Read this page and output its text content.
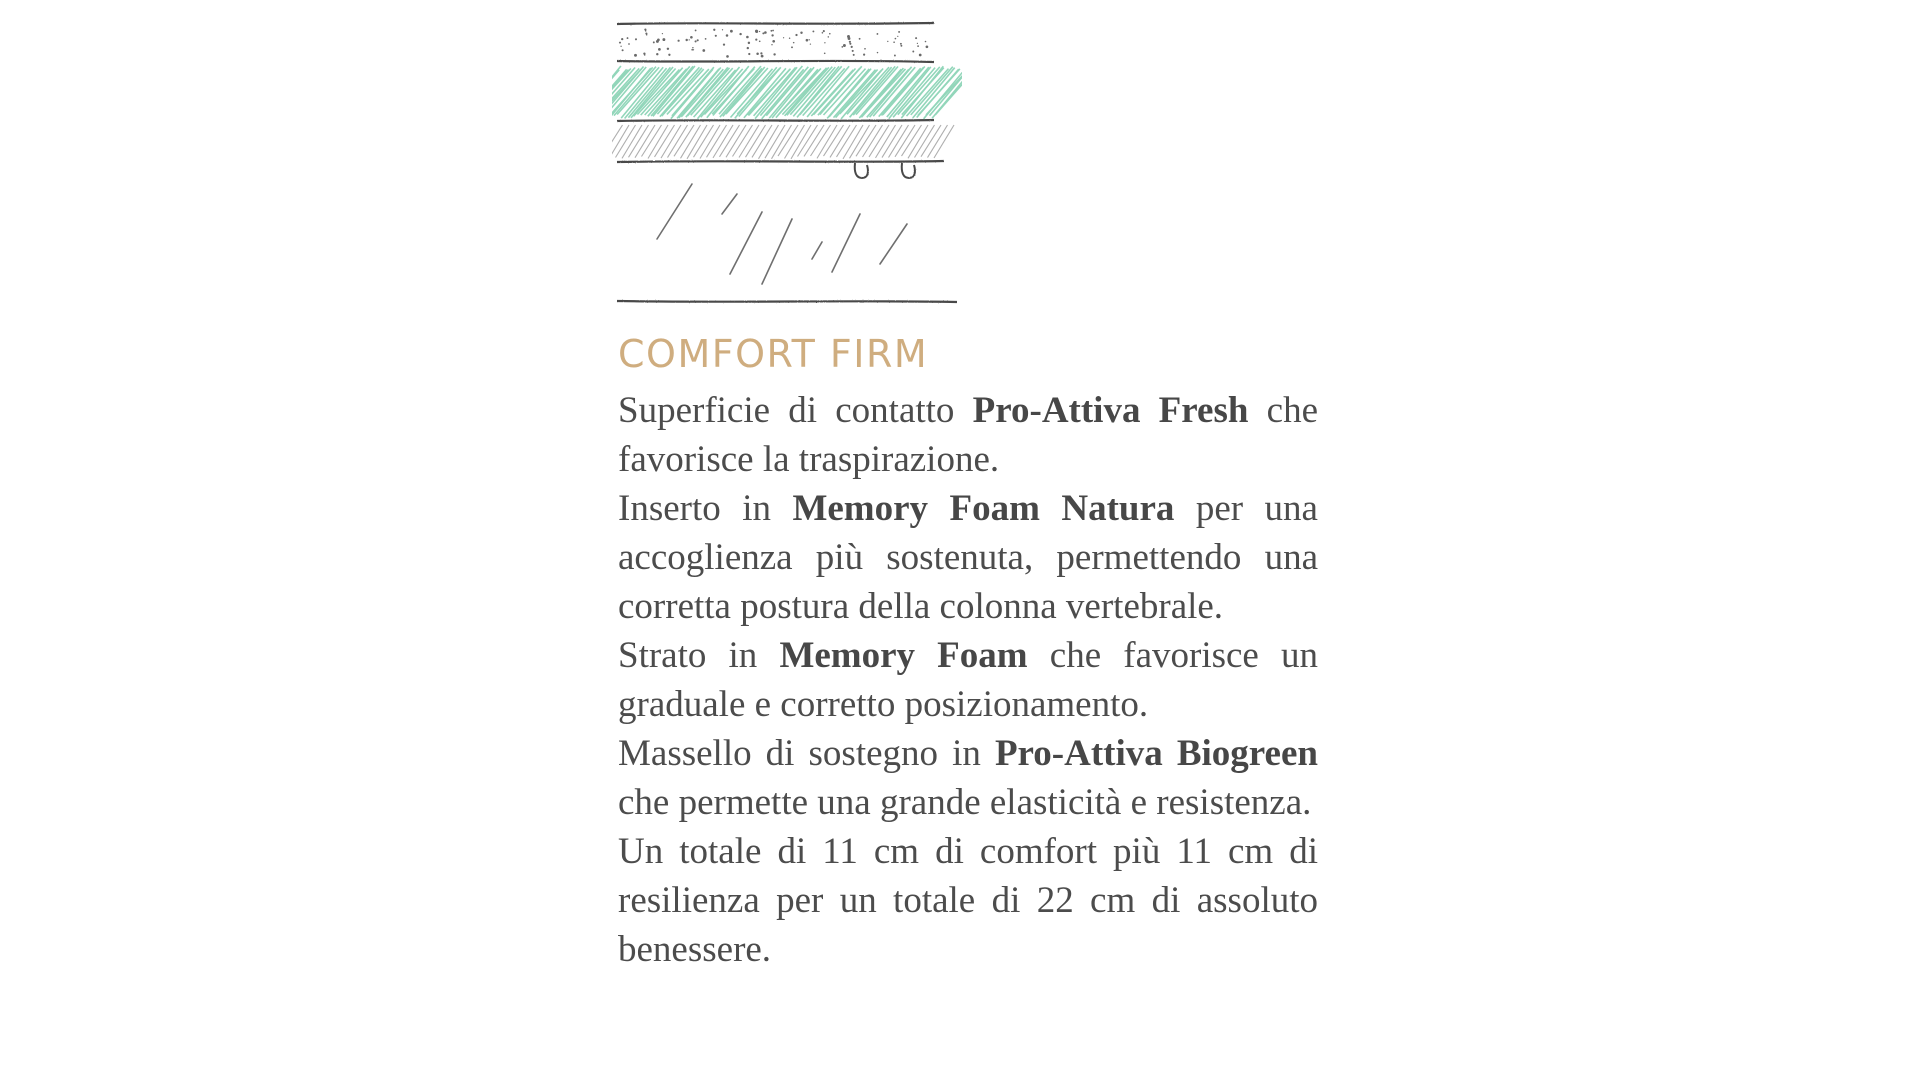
COMFORT FIRM

Superficie di contatto Pro-Attiva Fresh che favorisce la traspirazione.

Inserto in Memory Foam Natura per una accoglienza più sostenuta, permettendo una corretta postura della colonna vertebrale.

Strato in Memory Foam che favorisce un graduale e corretto posizionamento.

Massello di sostegno in Pro-Attiva Biogreen che permette una grande elasticità e resistenza.

Un totale di 11 cm di comfort più 11 cm di resilienza per un totale di 22 cm di assoluto benessere.
